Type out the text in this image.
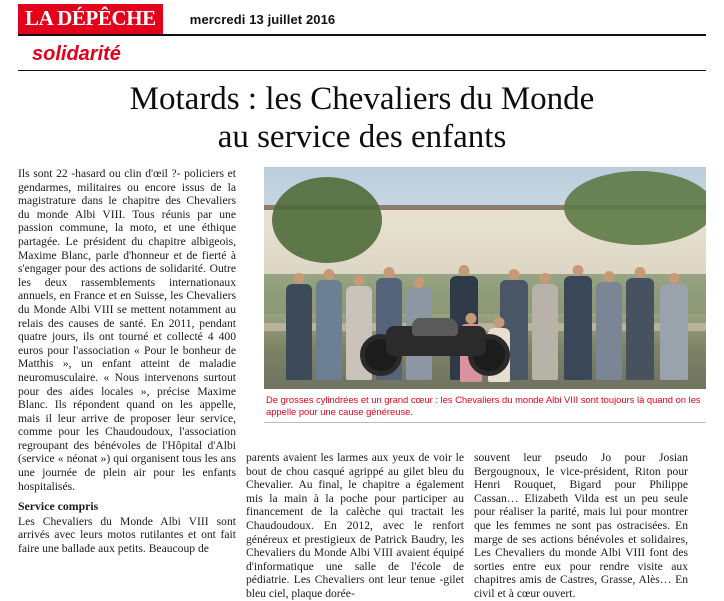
LA DÉPÊCHE	mercredi 13 juillet 2016
solidarité
Motards : les Chevaliers du Monde
au service des enfants
De grosses cylindrées et un grand cœur : les Chevaliers du monde Albi VIII sont toujours là quand on les appelle pour une cause généreuse.

Ils sont 22 -hasard ou clin d'œil ?- policiers et gendarmes, militaires ou encore issus de la magistrature dans le chapitre des Chevaliers du monde Albi VIII. Tous réunis par une passion commune, la moto, et une éthique partagée. Le président du chapitre albigeois, Maxime Blanc, parle d'honneur et de fierté à s'engager pour des actions de solidarité. Outre les deux rassemblements internationaux annuels, en France et en Suisse, les Chevaliers du Monde Albi VIII se mettent notamment au relais des causes de santé. En 2011, pendant quatre jours, ils ont tourné et collecté 4 400 euros pour l'association « Pour le bonheur de Matthis », un enfant atteint de maladie neuromusculaire. « Nous intervenons surtout pour des aides locales », précise Maxime Blanc. Ils répondent quand on les appelle, mais il leur arrive de proposer leur service, comme pour les Chaudoudoux, l'association regroupant des bénévoles de l'Hôpital d'Albi (service « néonat ») qui organisent tous les ans une journée de plein air pour les enfants hospitalisés.

Service compris

Les Chevaliers du Monde Albi VIII sont arrivés avec leurs motos rutilantes et ont fait faire une ballade aux petits. Beaucoup de

parents avaient les larmes aux yeux de voir le bout de chou casqué agrippé au gilet bleu du Chevalier. Au final, le chapitre a également mis la main à la poche pour participer au financement de la calèche qui tractait les Chaudoudoux. En 2012, avec le renfort généreux et prestigieux de Patrick Baudry, les Chevaliers du Monde Albi VIII avaient équipé d'informatique une salle de l'école de pédiatrie. Les Chevaliers ont leur tenue -gilet bleu ciel, plaque dorée-

souvent leur pseudo Jo pour Josian Bergougnoux, le vice-président, Riton pour Henri Rouquet, Bigard pour Philippe Cassan… Elizabeth Vilda est un peu seule pour réaliser la parité, mais lui pour montrer que les femmes ne sont pas ostracisées. En marge de ses actions bénévoles et solidaires, Les Chevaliers du monde Albi VIII font des sorties entre eux pour rendre visite aux chapitres amis de Castres, Grasse, Alès… En civil et à cœur ouvert.
